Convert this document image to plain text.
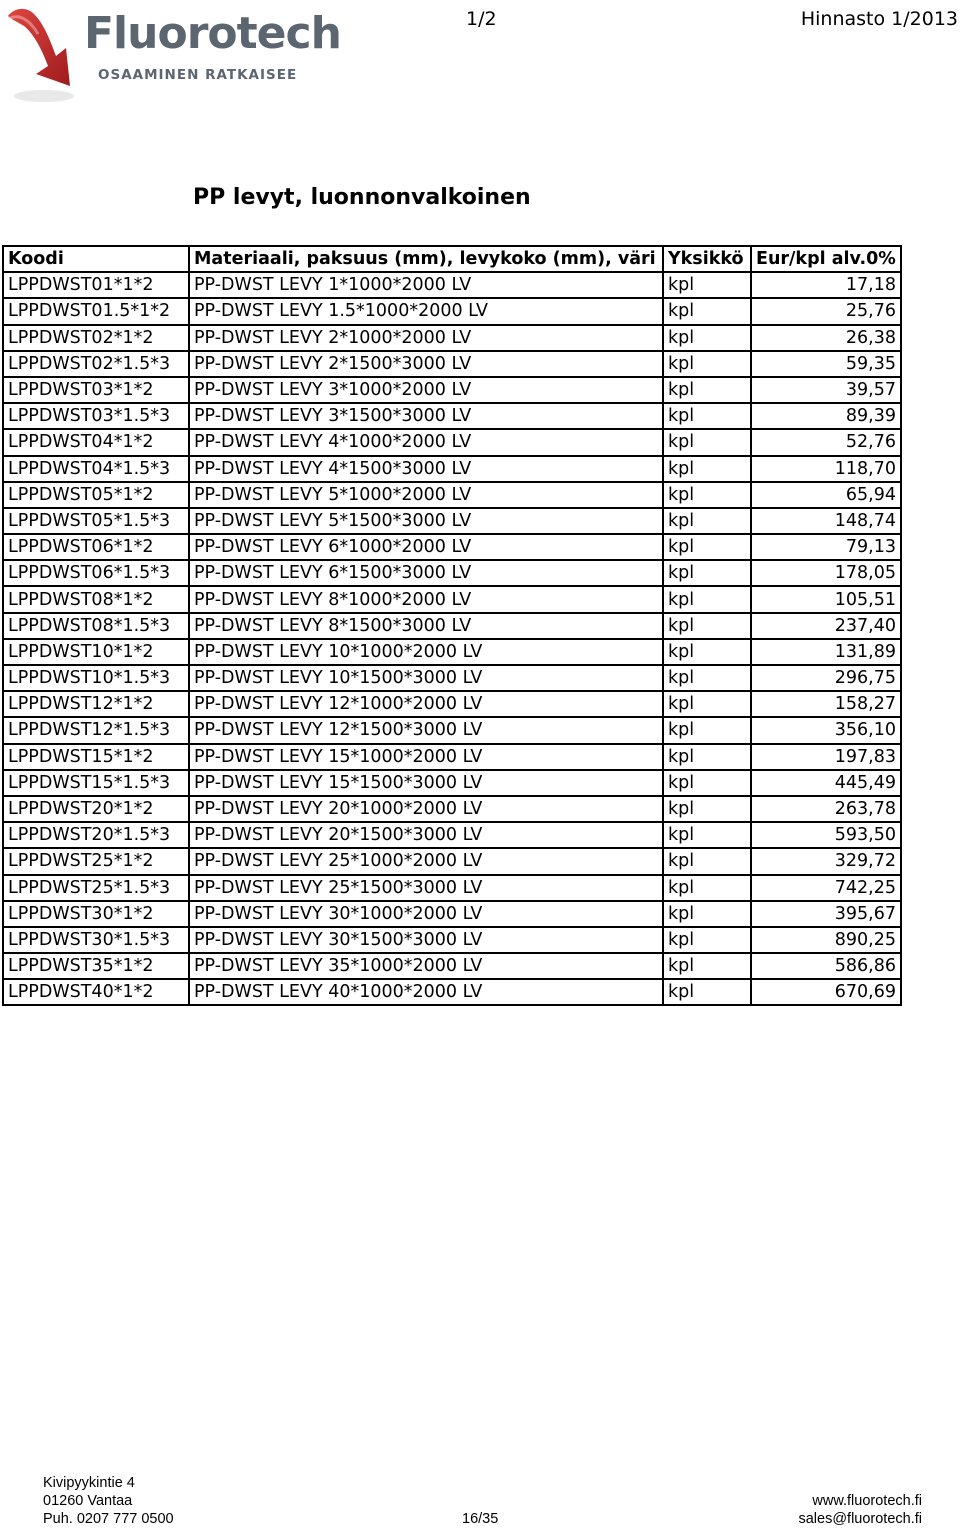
Fluorotech
OSAAMINEN RATKAISEE
1/2	Hinnasto 1/2013
PP levyt, luonnonvalkoinen
Koodi	Materiaali, paksuus (mm), levykoko (mm), väri	Yksikkö	Eur/kpl alv.0%
LPPDWST01*1*2	PP-DWST LEVY 1*1000*2000 LV	kpl	17,18
LPPDWST01.5*1*2	PP-DWST LEVY 1.5*1000*2000 LV	kpl	25,76
LPPDWST02*1*2	PP-DWST LEVY 2*1000*2000 LV	kpl	26,38
LPPDWST02*1.5*3	PP-DWST LEVY 2*1500*3000 LV	kpl	59,35
LPPDWST03*1*2	PP-DWST LEVY 3*1000*2000 LV	kpl	39,57
LPPDWST03*1.5*3	PP-DWST LEVY 3*1500*3000 LV	kpl	89,39
LPPDWST04*1*2	PP-DWST LEVY 4*1000*2000 LV	kpl	52,76
LPPDWST04*1.5*3	PP-DWST LEVY 4*1500*3000 LV	kpl	118,70
LPPDWST05*1*2	PP-DWST LEVY 5*1000*2000 LV	kpl	65,94
LPPDWST05*1.5*3	PP-DWST LEVY 5*1500*3000 LV	kpl	148,74
LPPDWST06*1*2	PP-DWST LEVY 6*1000*2000 LV	kpl	79,13
LPPDWST06*1.5*3	PP-DWST LEVY 6*1500*3000 LV	kpl	178,05
LPPDWST08*1*2	PP-DWST LEVY 8*1000*2000 LV	kpl	105,51
LPPDWST08*1.5*3	PP-DWST LEVY 8*1500*3000 LV	kpl	237,40
LPPDWST10*1*2	PP-DWST LEVY 10*1000*2000 LV	kpl	131,89
LPPDWST10*1.5*3	PP-DWST LEVY 10*1500*3000 LV	kpl	296,75
LPPDWST12*1*2	PP-DWST LEVY 12*1000*2000 LV	kpl	158,27
LPPDWST12*1.5*3	PP-DWST LEVY 12*1500*3000 LV	kpl	356,10
LPPDWST15*1*2	PP-DWST LEVY 15*1000*2000 LV	kpl	197,83
LPPDWST15*1.5*3	PP-DWST LEVY 15*1500*3000 LV	kpl	445,49
LPPDWST20*1*2	PP-DWST LEVY 20*1000*2000 LV	kpl	263,78
LPPDWST20*1.5*3	PP-DWST LEVY 20*1500*3000 LV	kpl	593,50
LPPDWST25*1*2	PP-DWST LEVY 25*1000*2000 LV	kpl	329,72
LPPDWST25*1.5*3	PP-DWST LEVY 25*1500*3000 LV	kpl	742,25
LPPDWST30*1*2	PP-DWST LEVY 30*1000*2000 LV	kpl	395,67
LPPDWST30*1.5*3	PP-DWST LEVY 30*1500*3000 LV	kpl	890,25
LPPDWST35*1*2	PP-DWST LEVY 35*1000*2000 LV	kpl	586,86
LPPDWST40*1*2	PP-DWST LEVY 40*1000*2000 LV	kpl	670,69
Kivipyykintie 4
01260 Vantaa
Puh. 0207 777 0500	16/35
www.fluorotech.fi
sales@fluorotech.fi
